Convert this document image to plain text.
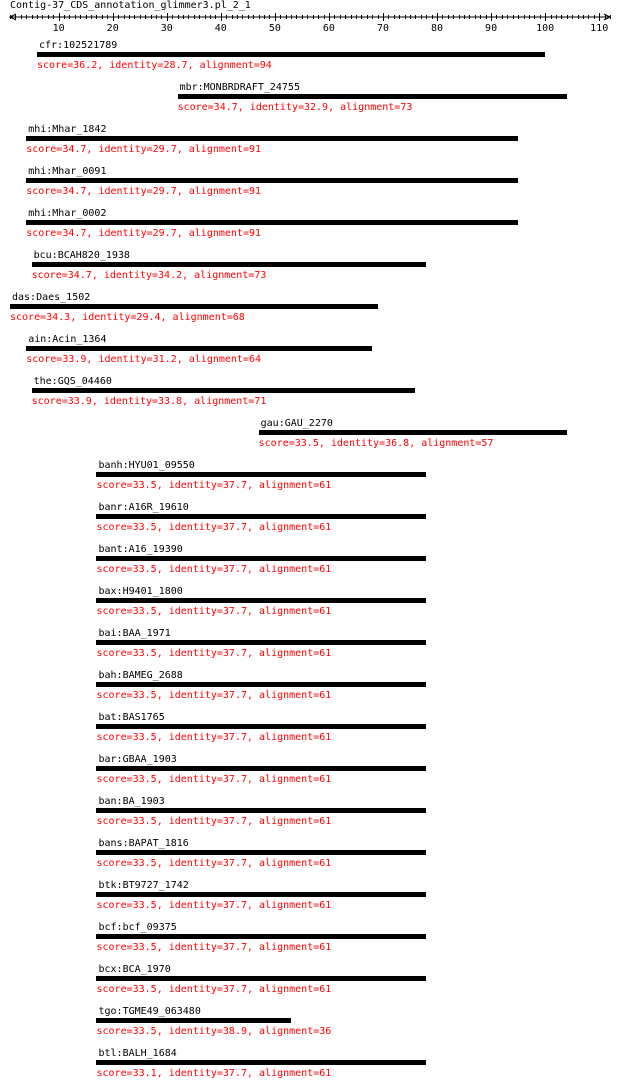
Contig-37_CDS_annotation_glimmer3.pl_2_1
10	20	30	40	50	60	70	80	90	100	110
cfr:102521789
score=36.2, identity=28.7, alignment=94
mbr:MONBRDRAFT_24755
score=34.7, identity=32.9, alignment=73
mhi:Mhar_1842
score=34.7, identity=29.7, alignment=91
mhi:Mhar_0091
score=34.7, identity=29.7, alignment=91
mhi:Mhar_0002
score=34.7, identity=29.7, alignment=91
bcu:BCAH820_1938
score=34.7, identity=34.2, alignment=73
das:Daes_1502
score=34.3, identity=29.4, alignment=68
ain:Acin_1364
score=33.9, identity=31.2, alignment=64
the:GQS_04460
score=33.9, identity=33.8, alignment=71
gau:GAU_2270
score=33.5, identity=36.8, alignment=57
banh:HYU01_09550
score=33.5, identity=37.7, alignment=61
banr:A16R_19610
score=33.5, identity=37.7, alignment=61
bant:A16_19390
score=33.5, identity=37.7, alignment=61
bax:H9401_1800
score=33.5, identity=37.7, alignment=61
bai:BAA_1971
score=33.5, identity=37.7, alignment=61
bah:BAMEG_2688
score=33.5, identity=37.7, alignment=61
bat:BAS1765
score=33.5, identity=37.7, alignment=61
bar:GBAA_1903
score=33.5, identity=37.7, alignment=61
ban:BA_1903
score=33.5, identity=37.7, alignment=61
bans:BAPAT_1816
score=33.5, identity=37.7, alignment=61
btk:BT9727_1742
score=33.5, identity=37.7, alignment=61
bcf:bcf_09375
score=33.5, identity=37.7, alignment=61
bcx:BCA_1970
score=33.5, identity=37.7, alignment=61
tgo:TGME49_063480
score=33.5, identity=38.9, alignment=36
btl:BALH_1684
score=33.1, identity=37.7, alignment=61
